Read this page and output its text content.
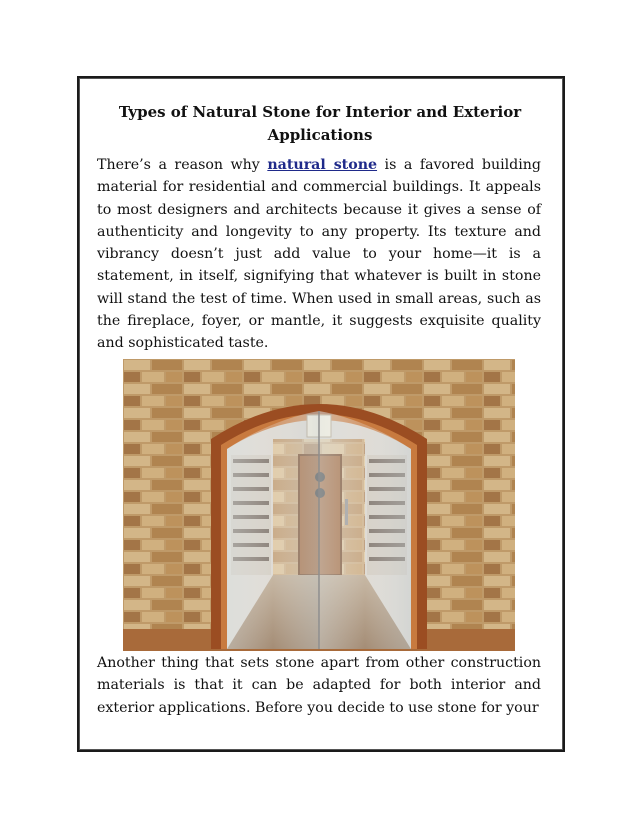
Types of Natural Stone for Interior and Exterior Applications
There’s a reason why natural stone is a favored building material for residential and commercial buildings. It appeals to most designers and architects because it gives a sense of authenticity and longevity to any property. Its texture and vibrancy doesn’t just add value to your home—it is a statement, in itself, signifying that whatever is built in stone will stand the test of time. When used in small areas, such as the fireplace, foyer, or mantle, it suggests exquisite quality and sophisticated taste.
Another thing that sets stone apart from other construction materials is that it can be adapted for both interior and exterior applications. Before you decide to use stone for your
